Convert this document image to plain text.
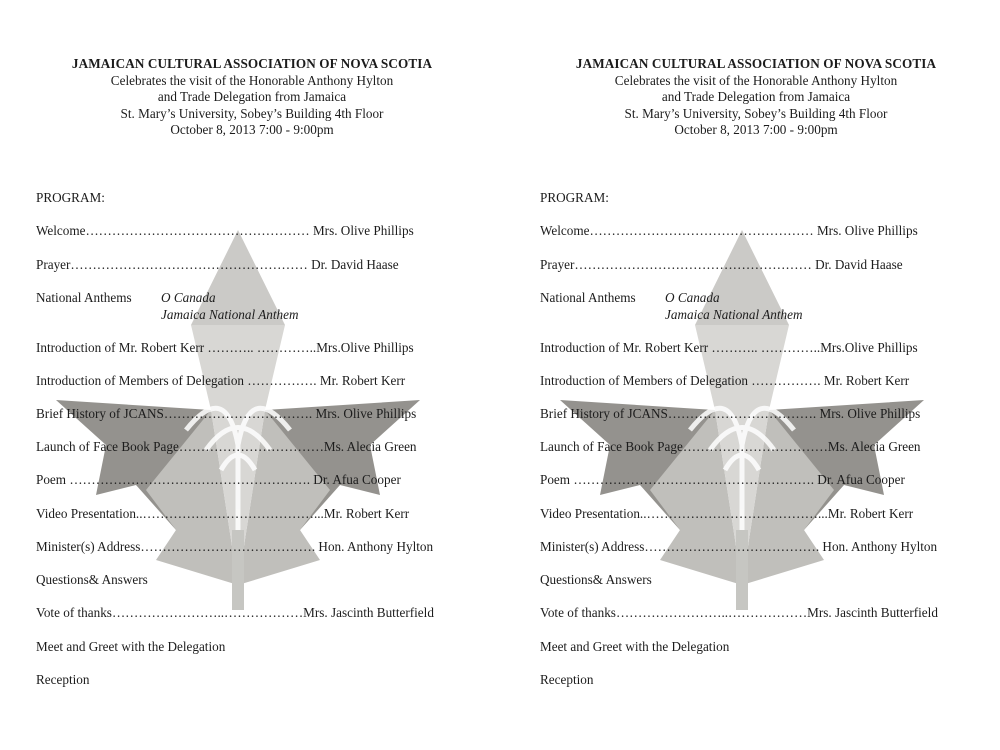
JAMAICAN CULTURAL ASSOCIATION OF NOVA SCOTIA
Celebrates the visit of the Honorable Anthony Hylton
and Trade Delegation from Jamaica
St. Mary’s University, Sobey’s Building 4th Floor
October 8, 2013 7:00 - 9:00pm
PROGRAM:
Welcome…………………………………………… Mrs. Olive Phillips
Prayer……………………………………………… Dr. David Haase
National Anthems O Canada
Jamaica National Anthem
Introduction of Mr. Robert Kerr ……….. …………..Mrs.Olive Phillips
Introduction of Members of Delegation ……………. Mr. Robert Kerr
Brief History of JCANS……………………………. Mrs. Olive Phillips
Launch of Face Book Page……………………………Ms. Alecia Green
Poem ………………………………………………. Dr. Afua Cooper
Video Presentation..…………………………………...Mr. Robert Kerr
Minister(s) Address…………………………………. Hon. Anthony Hylton
Questions& Answers
Vote of thanks……………………..………………Mrs. Jascinth Butterfield
Meet and Greet with the Delegation
Reception
JAMAICAN CULTURAL ASSOCIATION OF NOVA SCOTIA
Celebrates the visit of the Honorable Anthony Hylton
and Trade Delegation from Jamaica
St. Mary’s University, Sobey’s Building 4th Floor
October 8, 2013 7:00 - 9:00pm
PROGRAM:
Welcome…………………………………………… Mrs. Olive Phillips
Prayer……………………………………………… Dr. David Haase
National Anthems O Canada
Jamaica National Anthem
Introduction of Mr. Robert Kerr ……….. …………..Mrs.Olive Phillips
Introduction of Members of Delegation ……………. Mr. Robert Kerr
Brief History of JCANS……………………………. Mrs. Olive Phillips
Launch of Face Book Page……………………………Ms. Alecia Green
Poem ………………………………………………. Dr. Afua Cooper
Video Presentation..…………………………………...Mr. Robert Kerr
Minister(s) Address…………………………………. Hon. Anthony Hylton
Questions& Answers
Vote of thanks……………………..………………Mrs. Jascinth Butterfield
Meet and Greet with the Delegation
Reception
